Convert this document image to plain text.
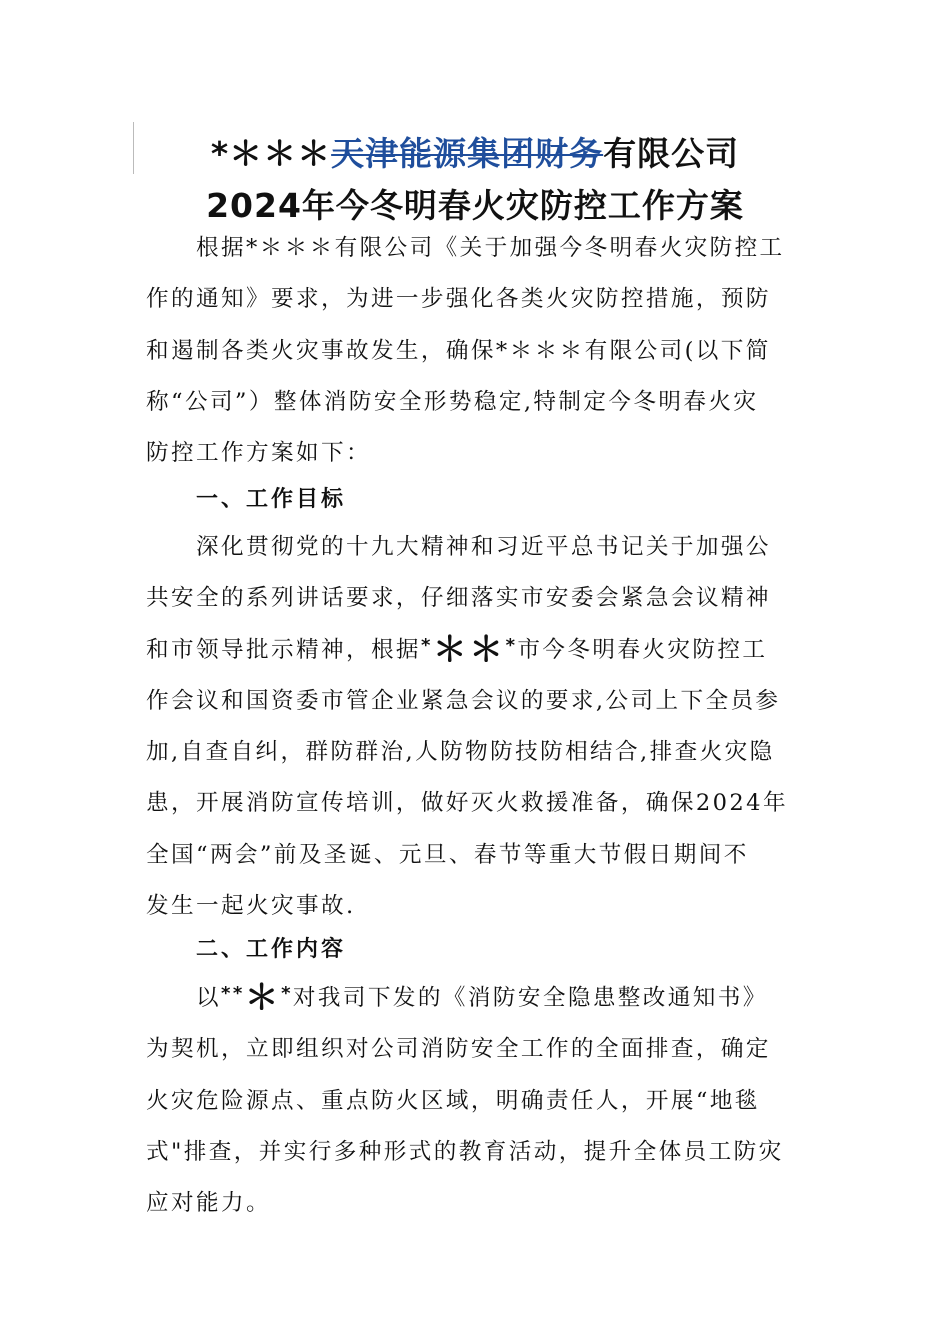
*＊＊＊天津能源集团财务有限公司
2024年今冬明春火灾防控工作方案
根据*＊＊＊有限公司《关于加强今冬明春火灾防控工
作的通知》要求，为进一步强化各类火灾防控措施，预防
和遏制各类火灾事故发生，确保*＊＊＊有限公司(以下简
称“公司”）整体消防安全形势稳定,特制定今冬明春火灾
防控工作方案如下：
一、工作目标
深化贯彻党的十九大精神和习近平总书记关于加强公
共安全的系列讲话要求，仔细落实市安委会紧急会议精神
和市领导批示精神，根据*＊＊*市今冬明春火灾防控工
作会议和国资委市管企业紧急会议的要求,公司上下全员参
加,自查自纠，群防群治,人防物防技防相结合,排查火灾隐
患，开展消防宣传培训，做好灭火救援准备，确保2024年
全国“两会”前及圣诞、元旦、春节等重大节假日期间不
发生一起火灾事故.
二、工作内容
以**＊*对我司下发的《消防安全隐患整改通知书》
为契机，立即组织对公司消防安全工作的全面排查，确定
火灾危险源点、重点防火区域，明确责任人，开展“地毯
式"排查，并实行多种形式的教育活动，提升全体员工防灾
应对能力。
